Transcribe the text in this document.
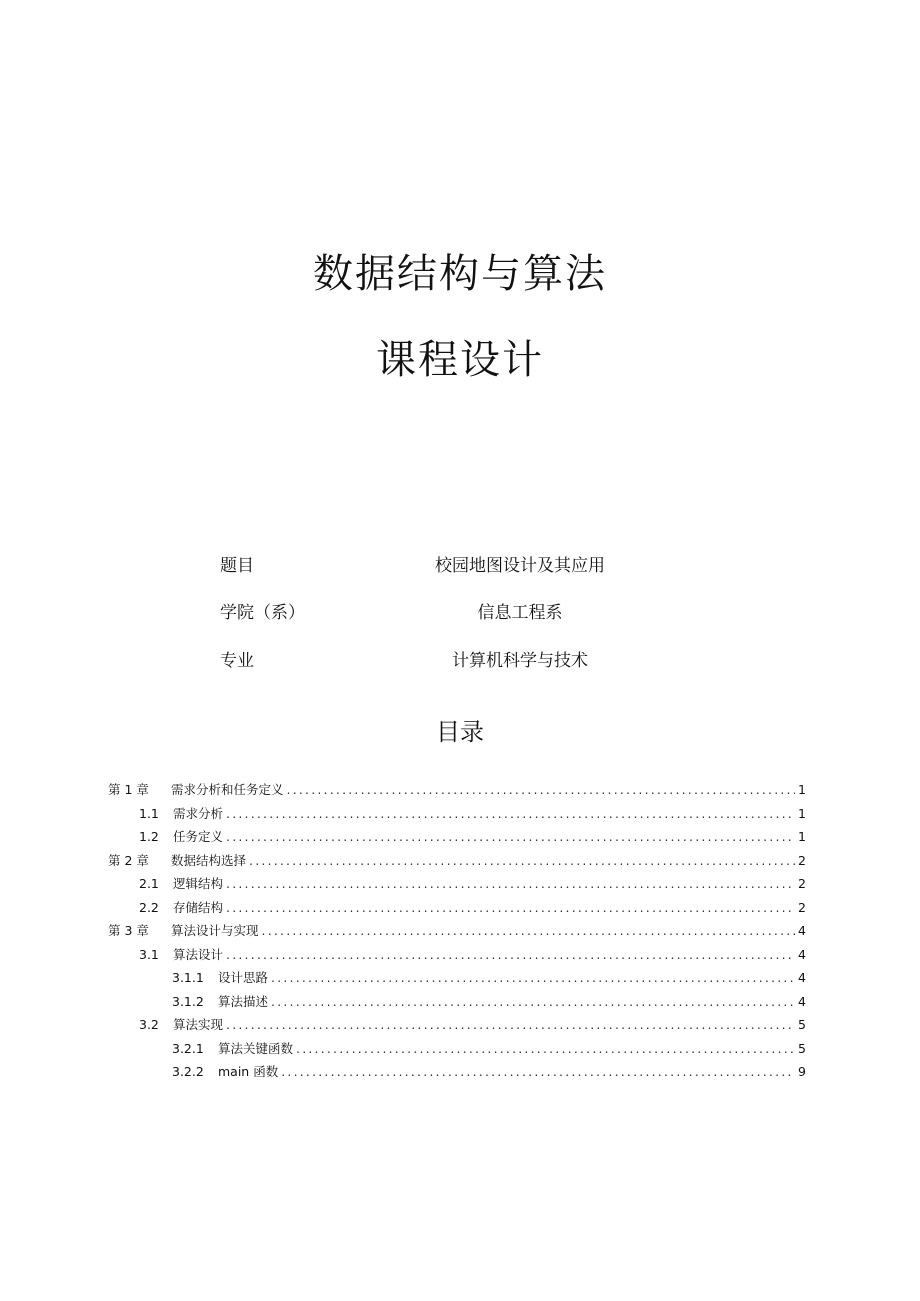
数据结构与算法
课程设计
题目	校园地图设计及其应用
学院（系）	信息工程系
专业	计算机科学与技术
目录
第 1 章	需求分析和任务定义 .....	1
1.1	需求分析 .....	1
1.2	任务定义 .....	1
第 2 章	数据结构选择 .....	2
2.1	逻辑结构 .....	2
2.2	存储结构 .....	2
第 3 章	算法设计与实现 .....	4
3.1	算法设计 .....	4
3.1.1	设计思路 .....	4
3.1.2	算法描述 .....	4
3.2	算法实现 .....	5
3.2.1	算法关键函数 .....	5
3.2.2	main 函数 .....	9
